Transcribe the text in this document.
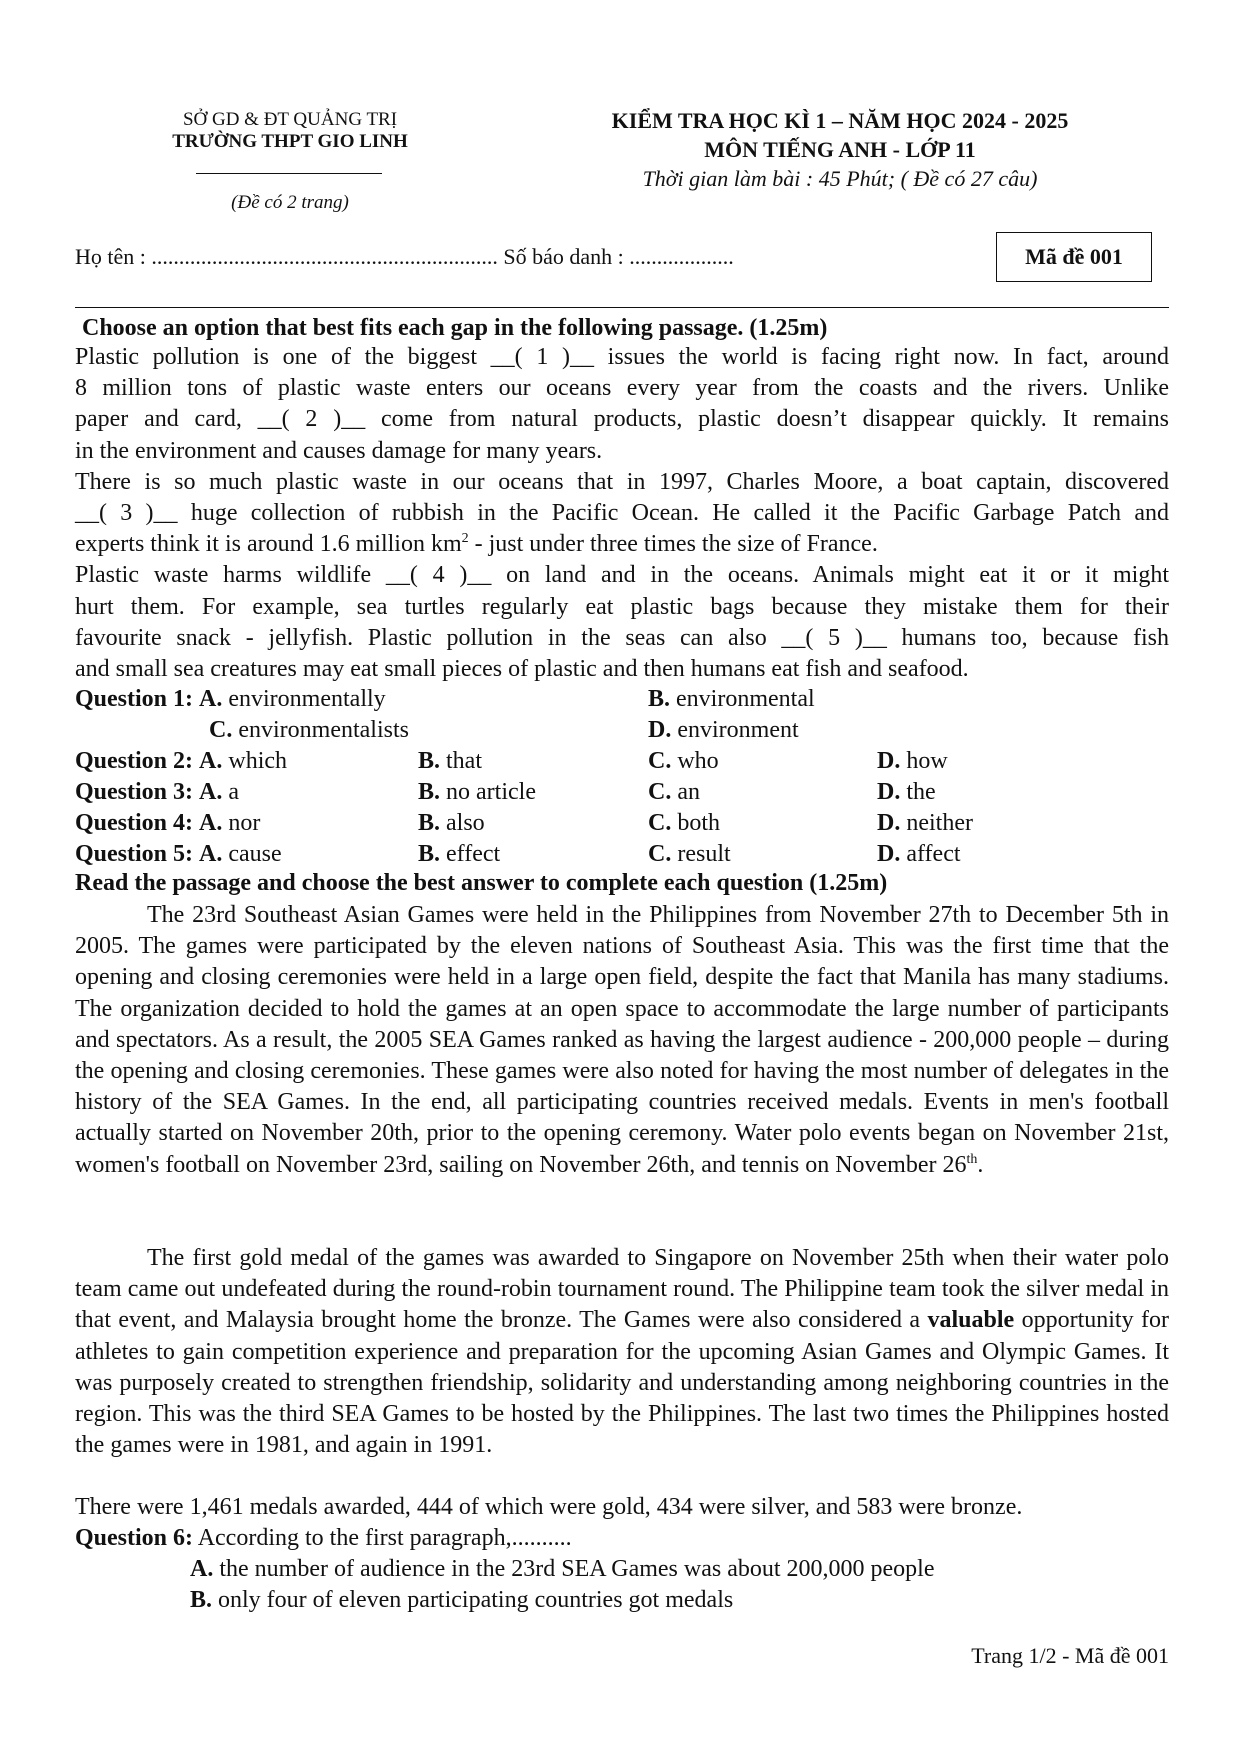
SỞ GD & ĐT QUẢNG TRỊ
TRƯỜNG THPT GIO LINH
(Đề có 2 trang)
KIỂM TRA HỌC KÌ 1 – NĂM HỌC 2024 - 2025
MÔN TIẾNG ANH - LỚP 11
Thời gian làm bài : 45 Phút; ( Đề có 27 câu)
Họ tên : ............................................................... Số báo danh : ...................	Mã đề 001
Choose an option that best fits each gap in the following passage. (1.25m)
Plastic pollution is one of the biggest __( 1 )__ issues the world is facing right now. In fact, around
8 million tons of plastic waste enters our oceans every year from the coasts and the rivers. Unlike
paper and card, __( 2 )__ come from natural products, plastic doesn’t disappear quickly. It remains
in the environment and causes damage for many years.
There is so much plastic waste in our oceans that in 1997, Charles Moore, a boat captain, discovered
__( 3 )__ huge collection of rubbish in the Pacific Ocean. He called it the Pacific Garbage Patch and
experts think it is around 1.6 million $km^2$ - just under three times the size of France.
Plastic waste harms wildlife __( 4 )__ on land and in the oceans. Animals might eat it or it might
hurt them. For example, sea turtles regularly eat plastic bags because they mistake them for their
favourite snack - jellyfish. Plastic pollution in the seas can also __( 5 )__ humans too, because fish
and small sea creatures may eat small pieces of plastic and then humans eat fish and seafood.
Question 1: A. environmentally	B. environmental
C. environmentalists	D. environment
Question 2: A. which	B. that	C. who	D. how
Question 3: A. a	B. no article	C. an	D. the
Question 4: A. nor	B. also	C. both	D. neither
Question 5: A. cause	B. effect	C. result	D. affect
Read the passage and choose the best answer to complete each question (1.25m)
The 23rd Southeast Asian Games were held in the Philippines from November 27th to December 5th in 2005. The games were participated by the eleven nations of Southeast Asia. This was the first time that the opening and closing ceremonies were held in a large open field, despite the fact that Manila has many stadiums. The organization decided to hold the games at an open space to accommodate the large number of participants and spectators. As a result, the 2005 SEA Games ranked as having the largest audience - 200,000 people – during the opening and closing ceremonies. These games were also noted for having the most number of delegates in the history of the SEA Games. In the end, all participating countries received medals. Events in men's football actually started on November 20th, prior to the opening ceremony. Water polo events began on November 21st, women's football on November 23rd, sailing on November 26th, and tennis on November 26th.
The first gold medal of the games was awarded to Singapore on November 25th when their water polo team came out undefeated during the round-robin tournament round. The Philippine team took the silver medal in that event, and Malaysia brought home the bronze. The Games were also considered a valuable opportunity for athletes to gain competition experience and preparation for the upcoming Asian Games and Olympic Games. It was purposely created to strengthen friendship, solidarity and understanding among neighboring countries in the region. This was the third SEA Games to be hosted by the Philippines. The last two times the Philippines hosted the games were in 1981, and again in 1991.
There were 1,461 medals awarded, 444 of which were gold, 434 were silver, and 583 were bronze.
Question 6: According to the first paragraph,..........
A. the number of audience in the 23rd SEA Games was about 200,000 people
B. only four of eleven participating countries got medals
Trang 1/2 - Mã đề 001
